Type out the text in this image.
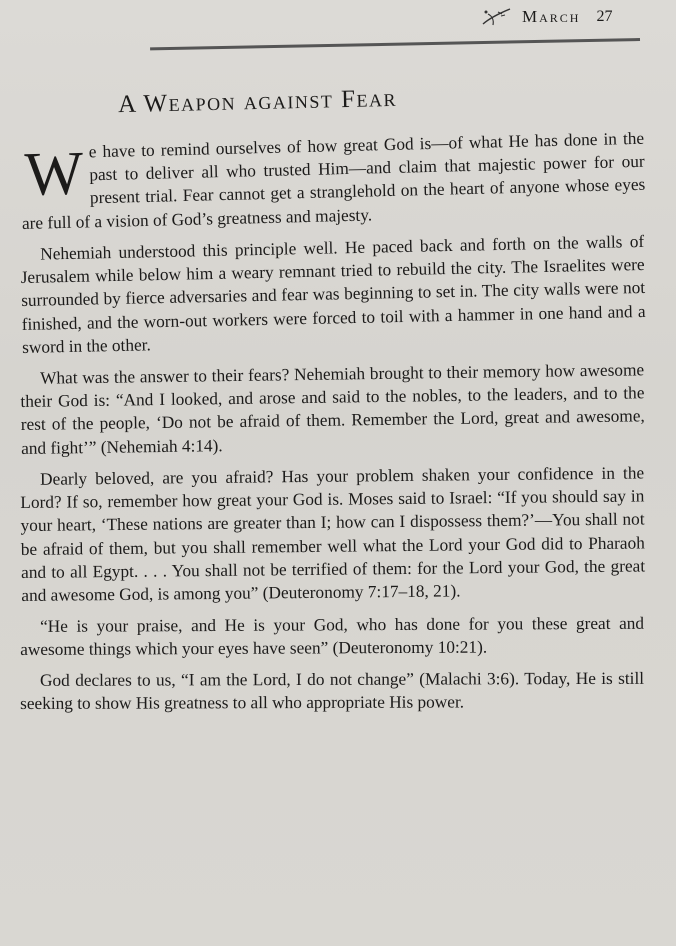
March 27
A Weapon against Fear

We have to remind ourselves of how great God is—of what He has done in the past to deliver all who trusted Him—and claim that majestic power for our present trial. Fear cannot get a stranglehold on the heart of anyone whose eyes are full of a vision of God’s greatness and majesty.

Nehemiah understood this principle well. He paced back and forth on the walls of Jerusalem while below him a weary remnant tried to rebuild the city. The Israelites were surrounded by fierce adversaries and fear was beginning to set in. The city walls were not finished, and the worn-out workers were forced to toil with a hammer in one hand and a sword in the other.

What was the answer to their fears? Nehemiah brought to their memory how awesome their God is: “And I looked, and arose and said to the nobles, to the leaders, and to the rest of the people, ‘Do not be afraid of them. Remember the Lord, great and awesome, and fight’” (Nehemiah 4:14).

Dearly beloved, are you afraid? Has your problem shaken your confidence in the Lord? If so, remember how great your God is. Moses said to Israel: “If you should say in your heart, ‘These nations are greater than I; how can I dispossess them?’—You shall not be afraid of them, but you shall remember well what the Lord your God did to Pharaoh and to all Egypt. . . . You shall not be terrified of them: for the Lord your God, the great and awesome God, is among you” (Deuteronomy 7:17–18, 21).

“He is your praise, and He is your God, who has done for you these great and awesome things which your eyes have seen” (Deuteronomy 10:21).

God declares to us, “I am the Lord, I do not change” (Malachi 3:6). Today, He is still seeking to show His greatness to all who appropriate His power.
